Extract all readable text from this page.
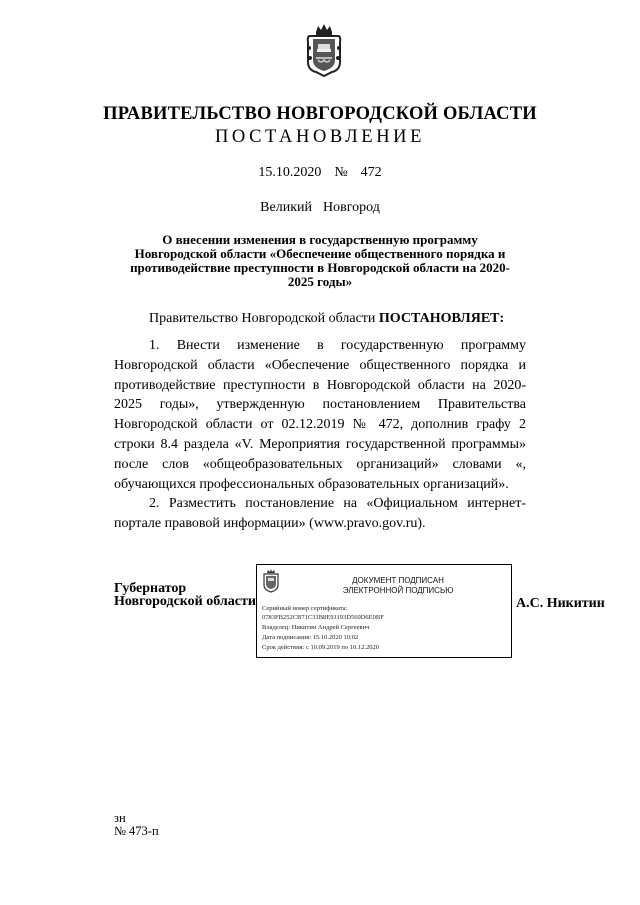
ПРАВИТЕЛЬСТВО НОВГОРОДСКОЙ ОБЛАСТИ
ПОСТАНОВЛЕНИЕ
15.10.2020  №  472
Великий  Новгород
О внесении изменения в государственную программу Новгородской области «Обеспечение общественного порядка и противодействие преступности в Новгородской области на 2020-2025 годы»
Правительство Новгородской области ПОСТАНОВЛЯЕТ:

1. Внести изменение в государственную программу Новгородской области «Обеспечение общественного порядка и противодействие преступности в Новгородской области на 2020-2025 годы», утвержденную постановлением Правительства Новгородской области от 02.12.2019 № 472, дополнив графу 2 строки 8.4 раздела «V. Мероприятия государственной программы» после слов «общеобразовательных организаций» словами «, обучающихся профессиональных образовательных организаций».

2. Разместить постановление на «Официальном интернет-портале правовой информации» (www.pravo.gov.ru).

Губернатор
Новгородской области
ДОКУМЕНТ ПОДПИСАН
ЭЛЕКТРОННОЙ ПОДПИСЬЮ
Серийный номер сертификата:
0783FB252CB71C31B8E91193D569D6E0BF
Владелец: Никитин Андрей Сергеевич
Дата подписания: 15.10.2020 10:02
Срок действия: с 10.09.2019 по 10.12.2020
А.С. Никитин
зн
№ 473-п
